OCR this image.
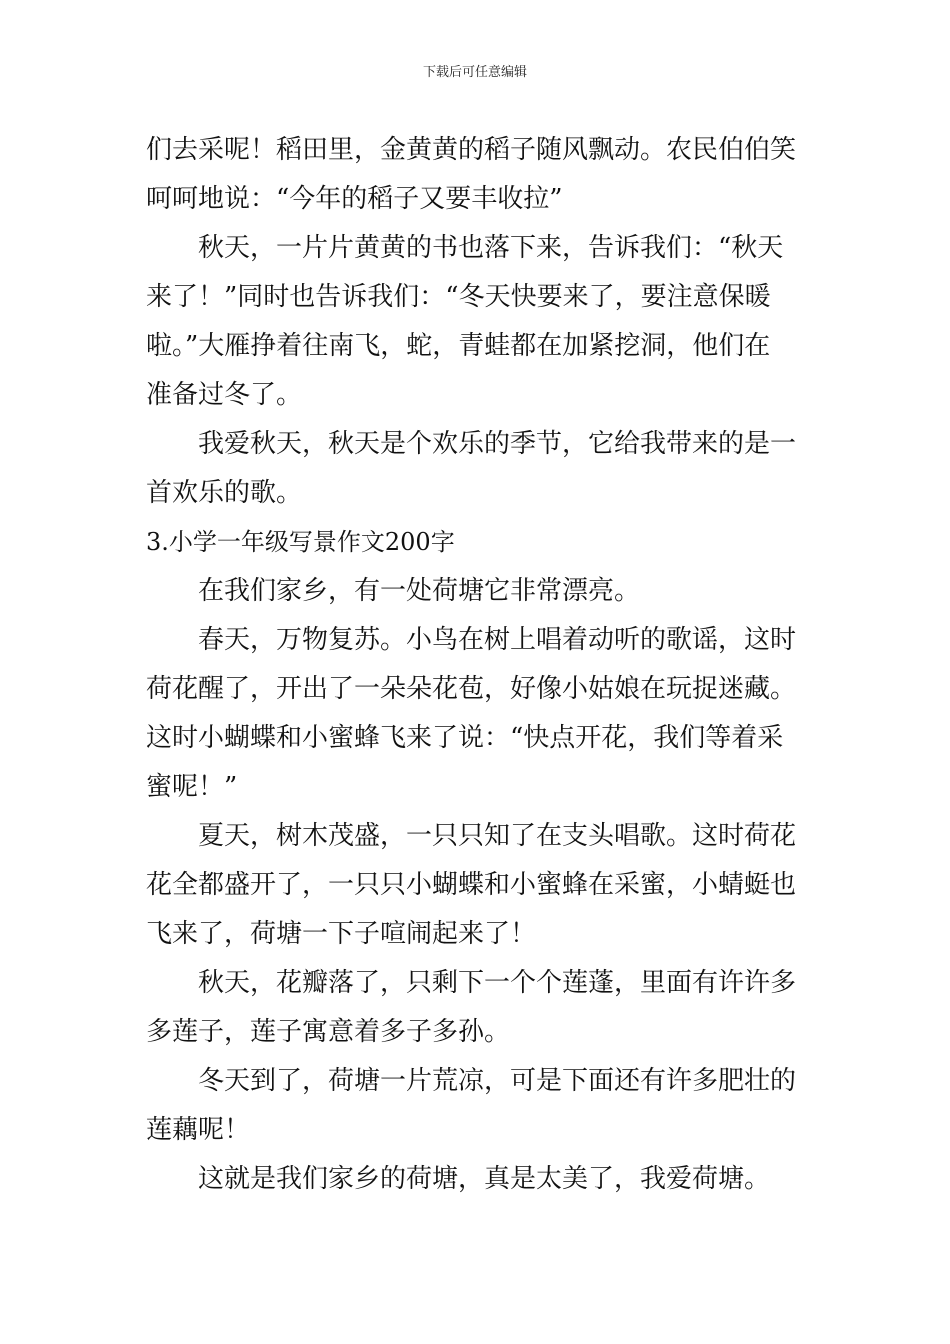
下载后可任意编辑
们去采呢！稻田里，金黄黄的稻子随风飘动。农民伯伯笑
呵呵地说：“今年的稻子又要丰收拉”
秋天，一片片黄黄的书也落下来，告诉我们：“秋天
来了！”同时也告诉我们：“冬天快要来了，要注意保暖
啦。”大雁挣着往南飞，蛇，青蛙都在加紧挖洞，他们在
准备过冬了。
我爱秋天，秋天是个欢乐的季节，它给我带来的是一
首欢乐的歌。
3.小学一年级写景作文200字
在我们家乡，有一处荷塘它非常漂亮。
春天，万物复苏。小鸟在树上唱着动听的歌谣，这时
荷花醒了，开出了一朵朵花苞，好像小姑娘在玩捉迷藏。
这时小蝴蝶和小蜜蜂飞来了说：“快点开花，我们等着采
蜜呢！”
夏天，树木茂盛，一只只知了在支头唱歌。这时荷花
花全都盛开了，一只只小蝴蝶和小蜜蜂在采蜜，小蜻蜓也
飞来了，荷塘一下子喧闹起来了！
秋天，花瓣落了，只剩下一个个莲蓬，里面有许许多
多莲子，莲子寓意着多子多孙。
冬天到了，荷塘一片荒凉，可是下面还有许多肥壮的
莲藕呢！
这就是我们家乡的荷塘，真是太美了，我爱荷塘。
